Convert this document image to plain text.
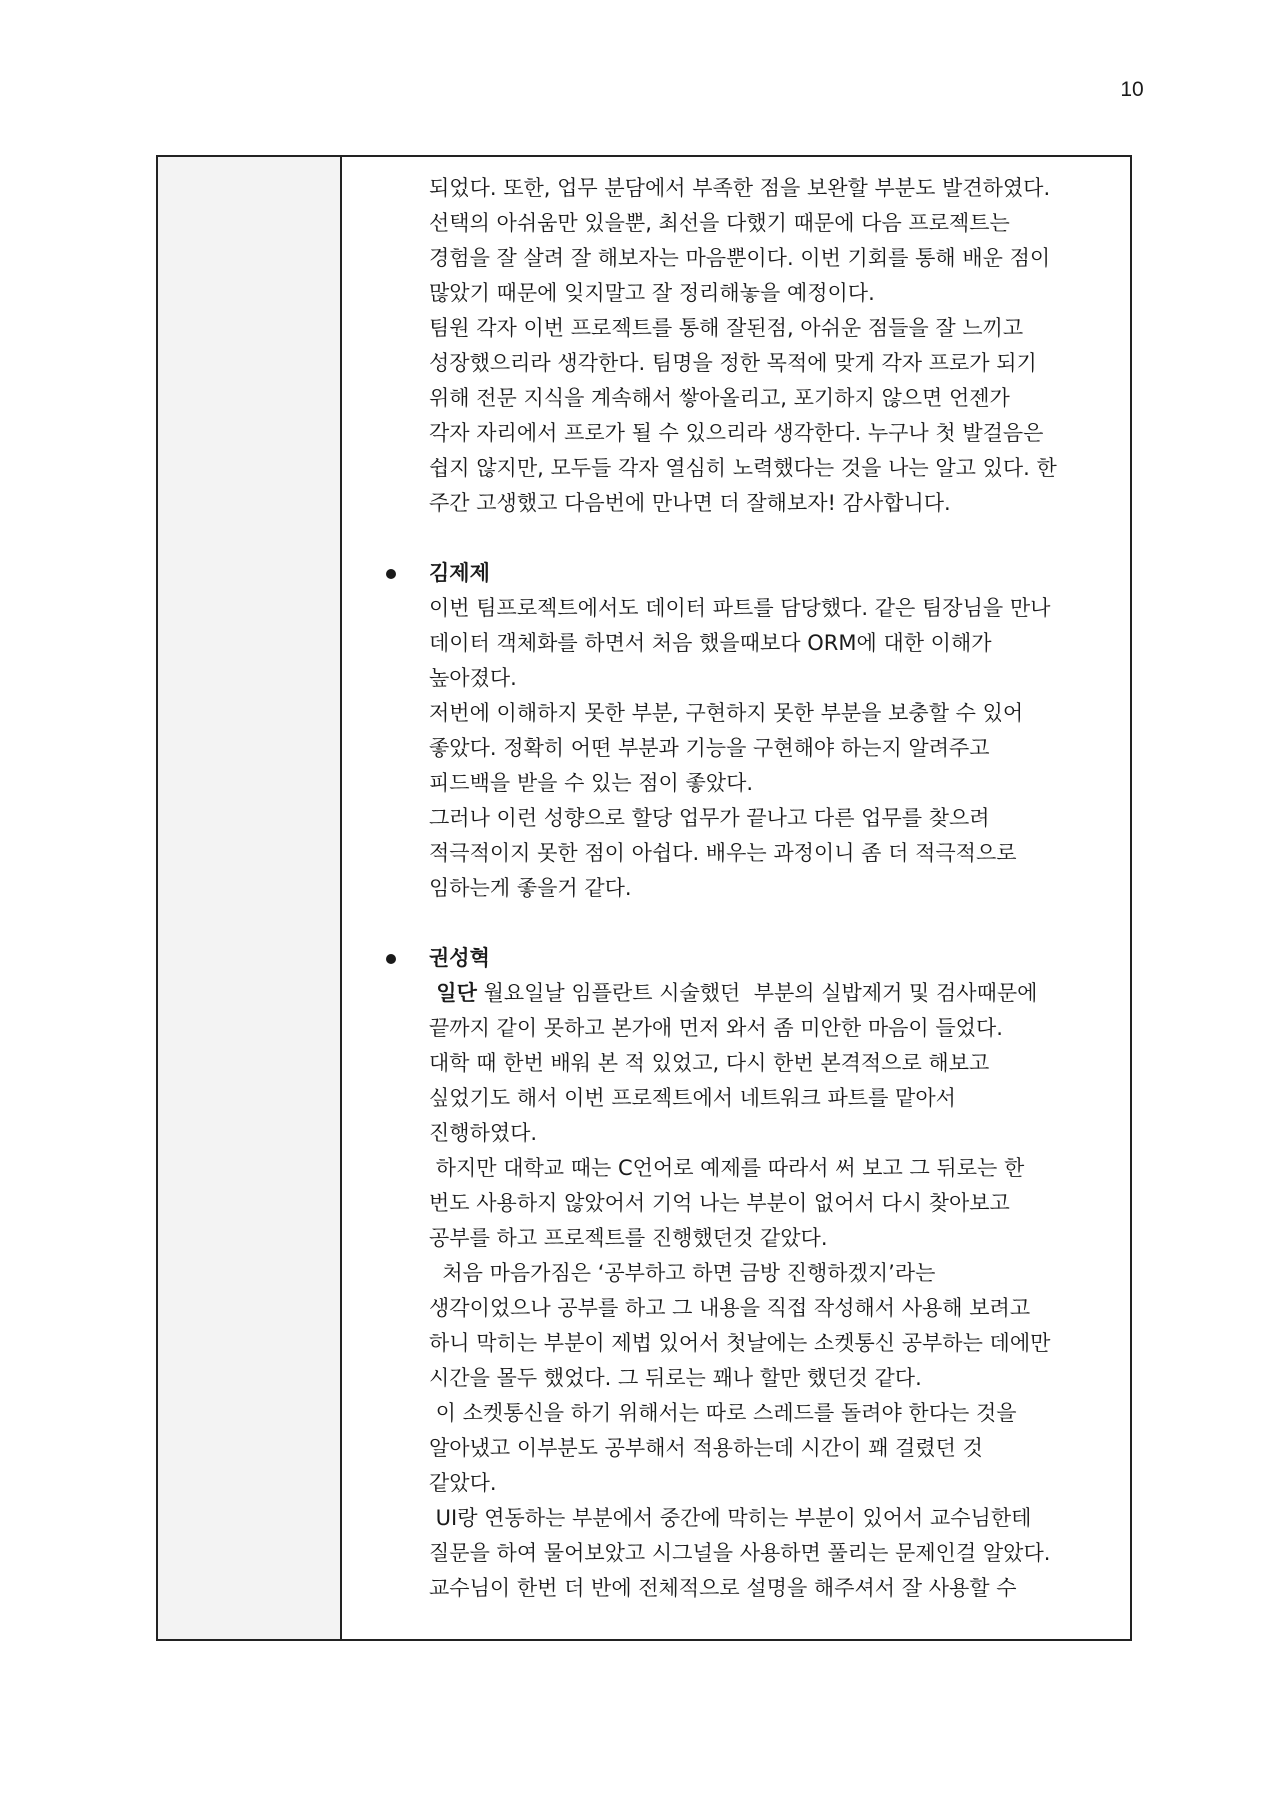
10
되었다. 또한, 업무 분담에서 부족한 점을 보완할 부분도 발견하였다.
선택의 아쉬움만 있을뿐, 최선을 다했기 때문에 다음 프로젝트는
경험을 잘 살려 잘 해보자는 마음뿐이다. 이번 기회를 통해 배운 점이
많았기 때문에 잊지말고 잘 정리해놓을 예정이다.
팀원 각자 이번 프로젝트를 통해 잘된점, 아쉬운 점들을 잘 느끼고
성장했으리라 생각한다. 팀명을 정한 목적에 맞게 각자 프로가 되기
위해 전문 지식을 계속해서 쌓아올리고, 포기하지 않으면 언젠가
각자 자리에서 프로가 될 수 있으리라 생각한다. 누구나 첫 발걸음은
쉽지 않지만, 모두들 각자 열심히 노력했다는 것을 나는 알고 있다. 한
주간 고생했고 다음번에 만나면 더 잘해보자! 감사합니다.
김제제
이번 팀프로젝트에서도 데이터 파트를 담당했다. 같은 팀장님을 만나
데이터 객체화를 하면서 처음 했을때보다 ORM에 대한 이해가
높아졌다.
저번에 이해하지 못한 부분, 구현하지 못한 부분을 보충할 수 있어
좋았다. 정확히 어떤 부분과 기능을 구현해야 하는지 알려주고
피드백을 받을 수 있는 점이 좋았다.
그러나 이런 성향으로 할당 업무가 끝나고 다른 업무를 찾으려
적극적이지 못한 점이 아쉽다. 배우는 과정이니 좀 더 적극적으로
임하는게 좋을거 같다.
권성혁
일단 월요일날 임플란트 시술했던  부분의 실밥제거 및 검사때문에
끝까지 같이 못하고 본가애 먼저 와서 좀 미안한 마음이 들었다.
대학 때 한번 배워 본 적 있었고, 다시 한번 본격적으로 해보고
싶었기도 해서 이번 프로젝트에서 네트워크 파트를 맡아서
진행하였다.
하지만 대학교 때는 C언어로 예제를 따라서 써 보고 그 뒤로는 한
번도 사용하지 않았어서 기억 나는 부분이 없어서 다시 찾아보고
공부를 하고 프로젝트를 진행했던것 같았다.
처음 마음가짐은 ‘공부하고 하면 금방 진행하겠지’라는
생각이었으나 공부를 하고 그 내용을 직접 작성해서 사용해 보려고
하니 막히는 부분이 제법 있어서 첫날에는 소켓통신 공부하는 데에만
시간을 몰두 했었다. 그 뒤로는 꽤나 할만 했던것 같다.
이 소켓통신을 하기 위해서는 따로 스레드를 돌려야 한다는 것을
알아냈고 이부분도 공부해서 적용하는데 시간이 꽤 걸렸던 것
같았다.
UI랑 연동하는 부분에서 중간에 막히는 부분이 있어서 교수님한테
질문을 하여 물어보았고 시그널을 사용하면 풀리는 문제인걸 알았다.
교수님이 한번 더 반에 전체적으로 설명을 해주셔서 잘 사용할 수
